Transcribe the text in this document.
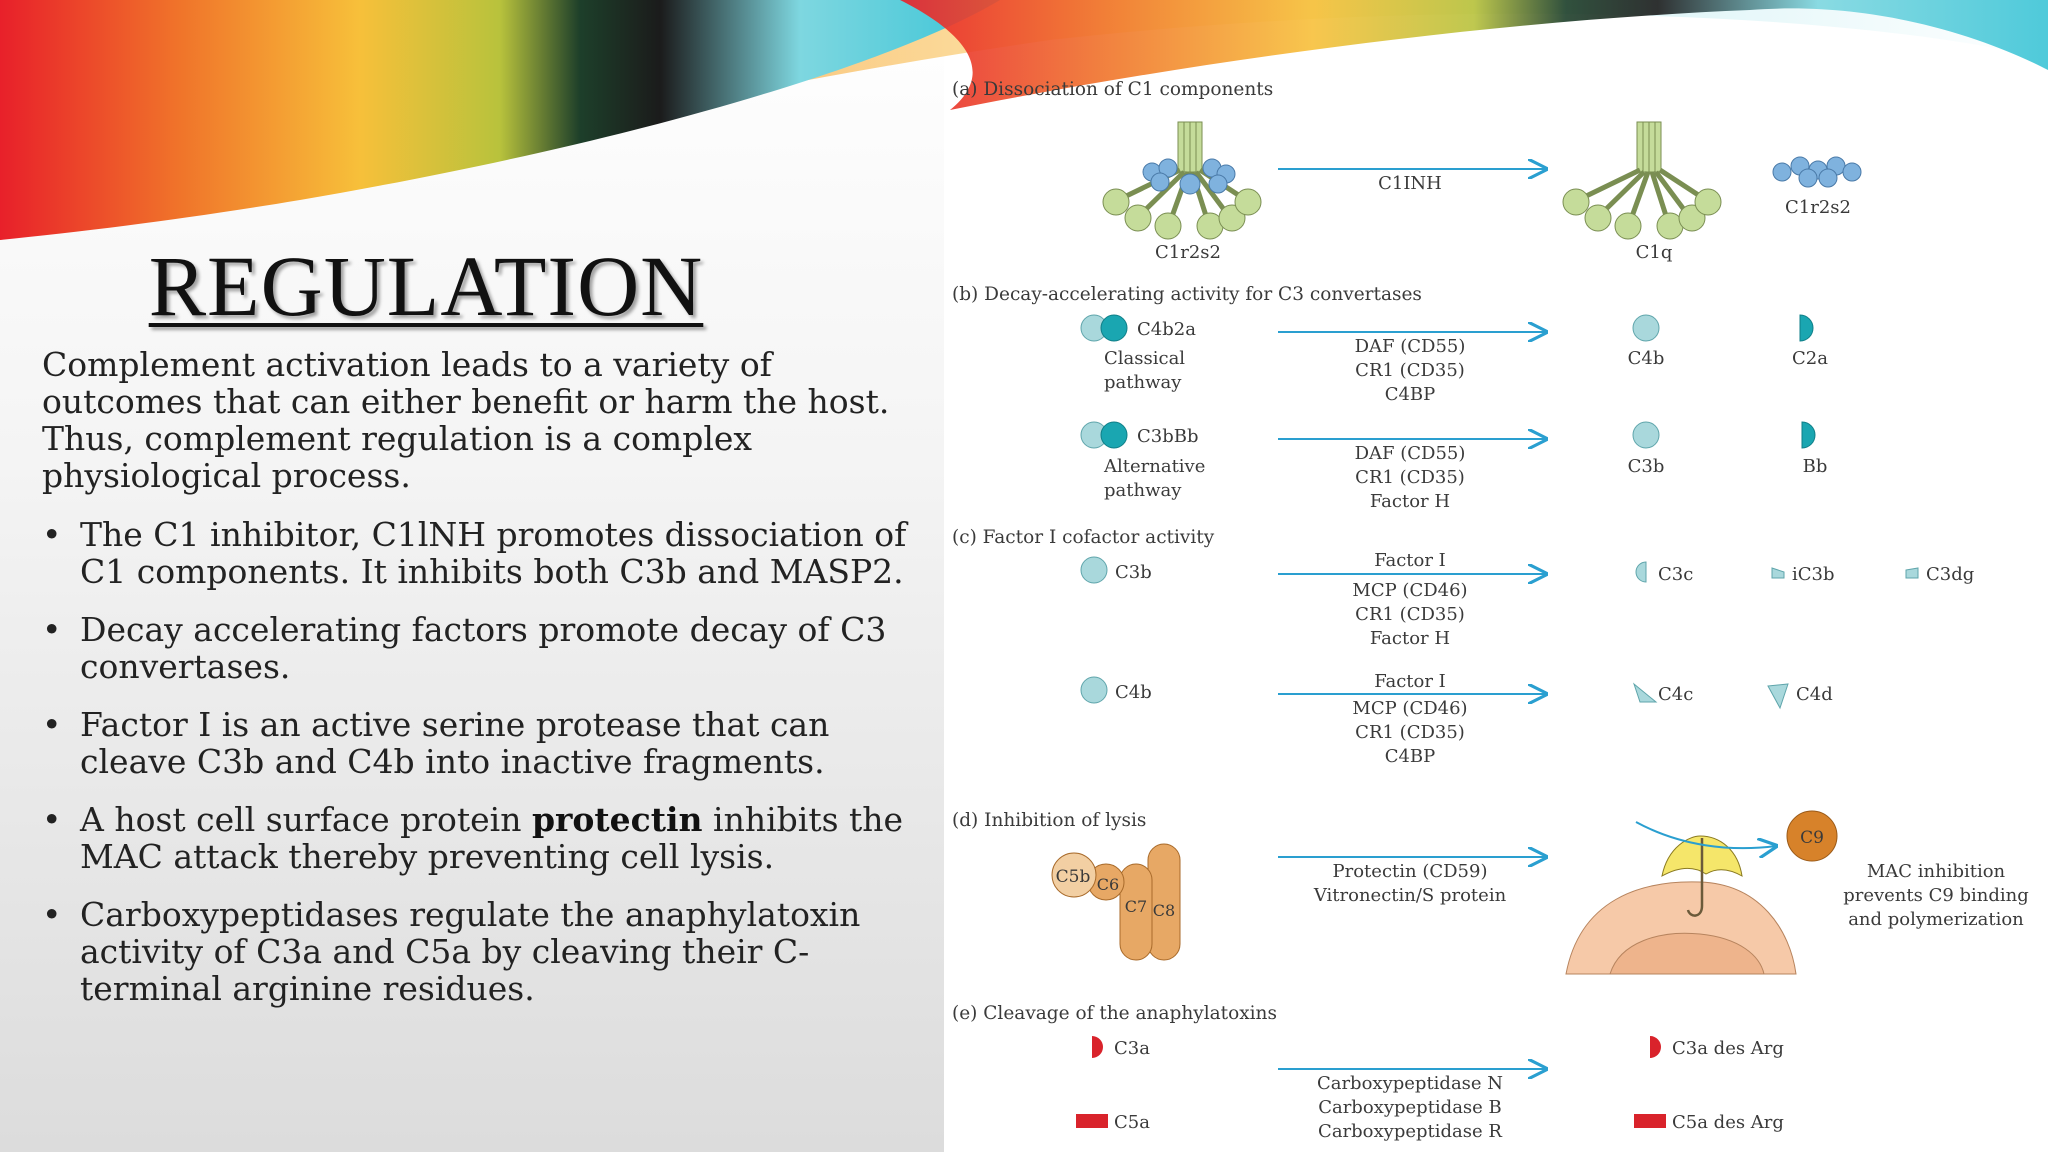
REGULATION
Complement activation leads to a variety of outcomes that can either benefit or harm the host. Thus, complement regulation is a complex physiological process.
• The C1 inhibitor, C1lNH promotes dissociation of C1 components. It inhibits both C3b and MASP2.
• Decay accelerating factors promote decay of C3 convertases.
• Factor I is an active serine protease that can cleave C3b and C4b into inactive fragments.
• A host cell surface protein protectin inhibits the MAC attack thereby preventing cell lysis.
• Carboxypeptidases regulate the anaphylatoxin activity of C3a and C5a by cleaving their C-terminal arginine residues.
(a) Dissociation of C1 components
C1r2s2
C1INH
C1q
C1r2s2
(b) Decay-accelerating activity for C3 convertases
C4b2a
Classical
pathway
DAF (CD55)
CR1 (CD35)
C4BP
C4b	C2a
C3bBb
Alternative
pathway
DAF (CD55)
CR1 (CD35)
Factor H
C3b	Bb
(c) Factor I cofactor activity
C3b
Factor I
MCP (CD46)
CR1 (CD35)
Factor H
C3c	iC3b	C3dg
C4b
Factor I
MCP (CD46)
CR1 (CD35)
C4BP
C4c	C4d
(d) Inhibition of lysis
C5b C6
C7 C8
Protectin (CD59)
Vitronectin/S protein
C9
MAC inhibition
prevents C9 binding
and polymerization
(e) Cleavage of the anaphylatoxins
C3a
C5a
Carboxypeptidase N
Carboxypeptidase B
Carboxypeptidase R
C3a des Arg
C5a des Arg
